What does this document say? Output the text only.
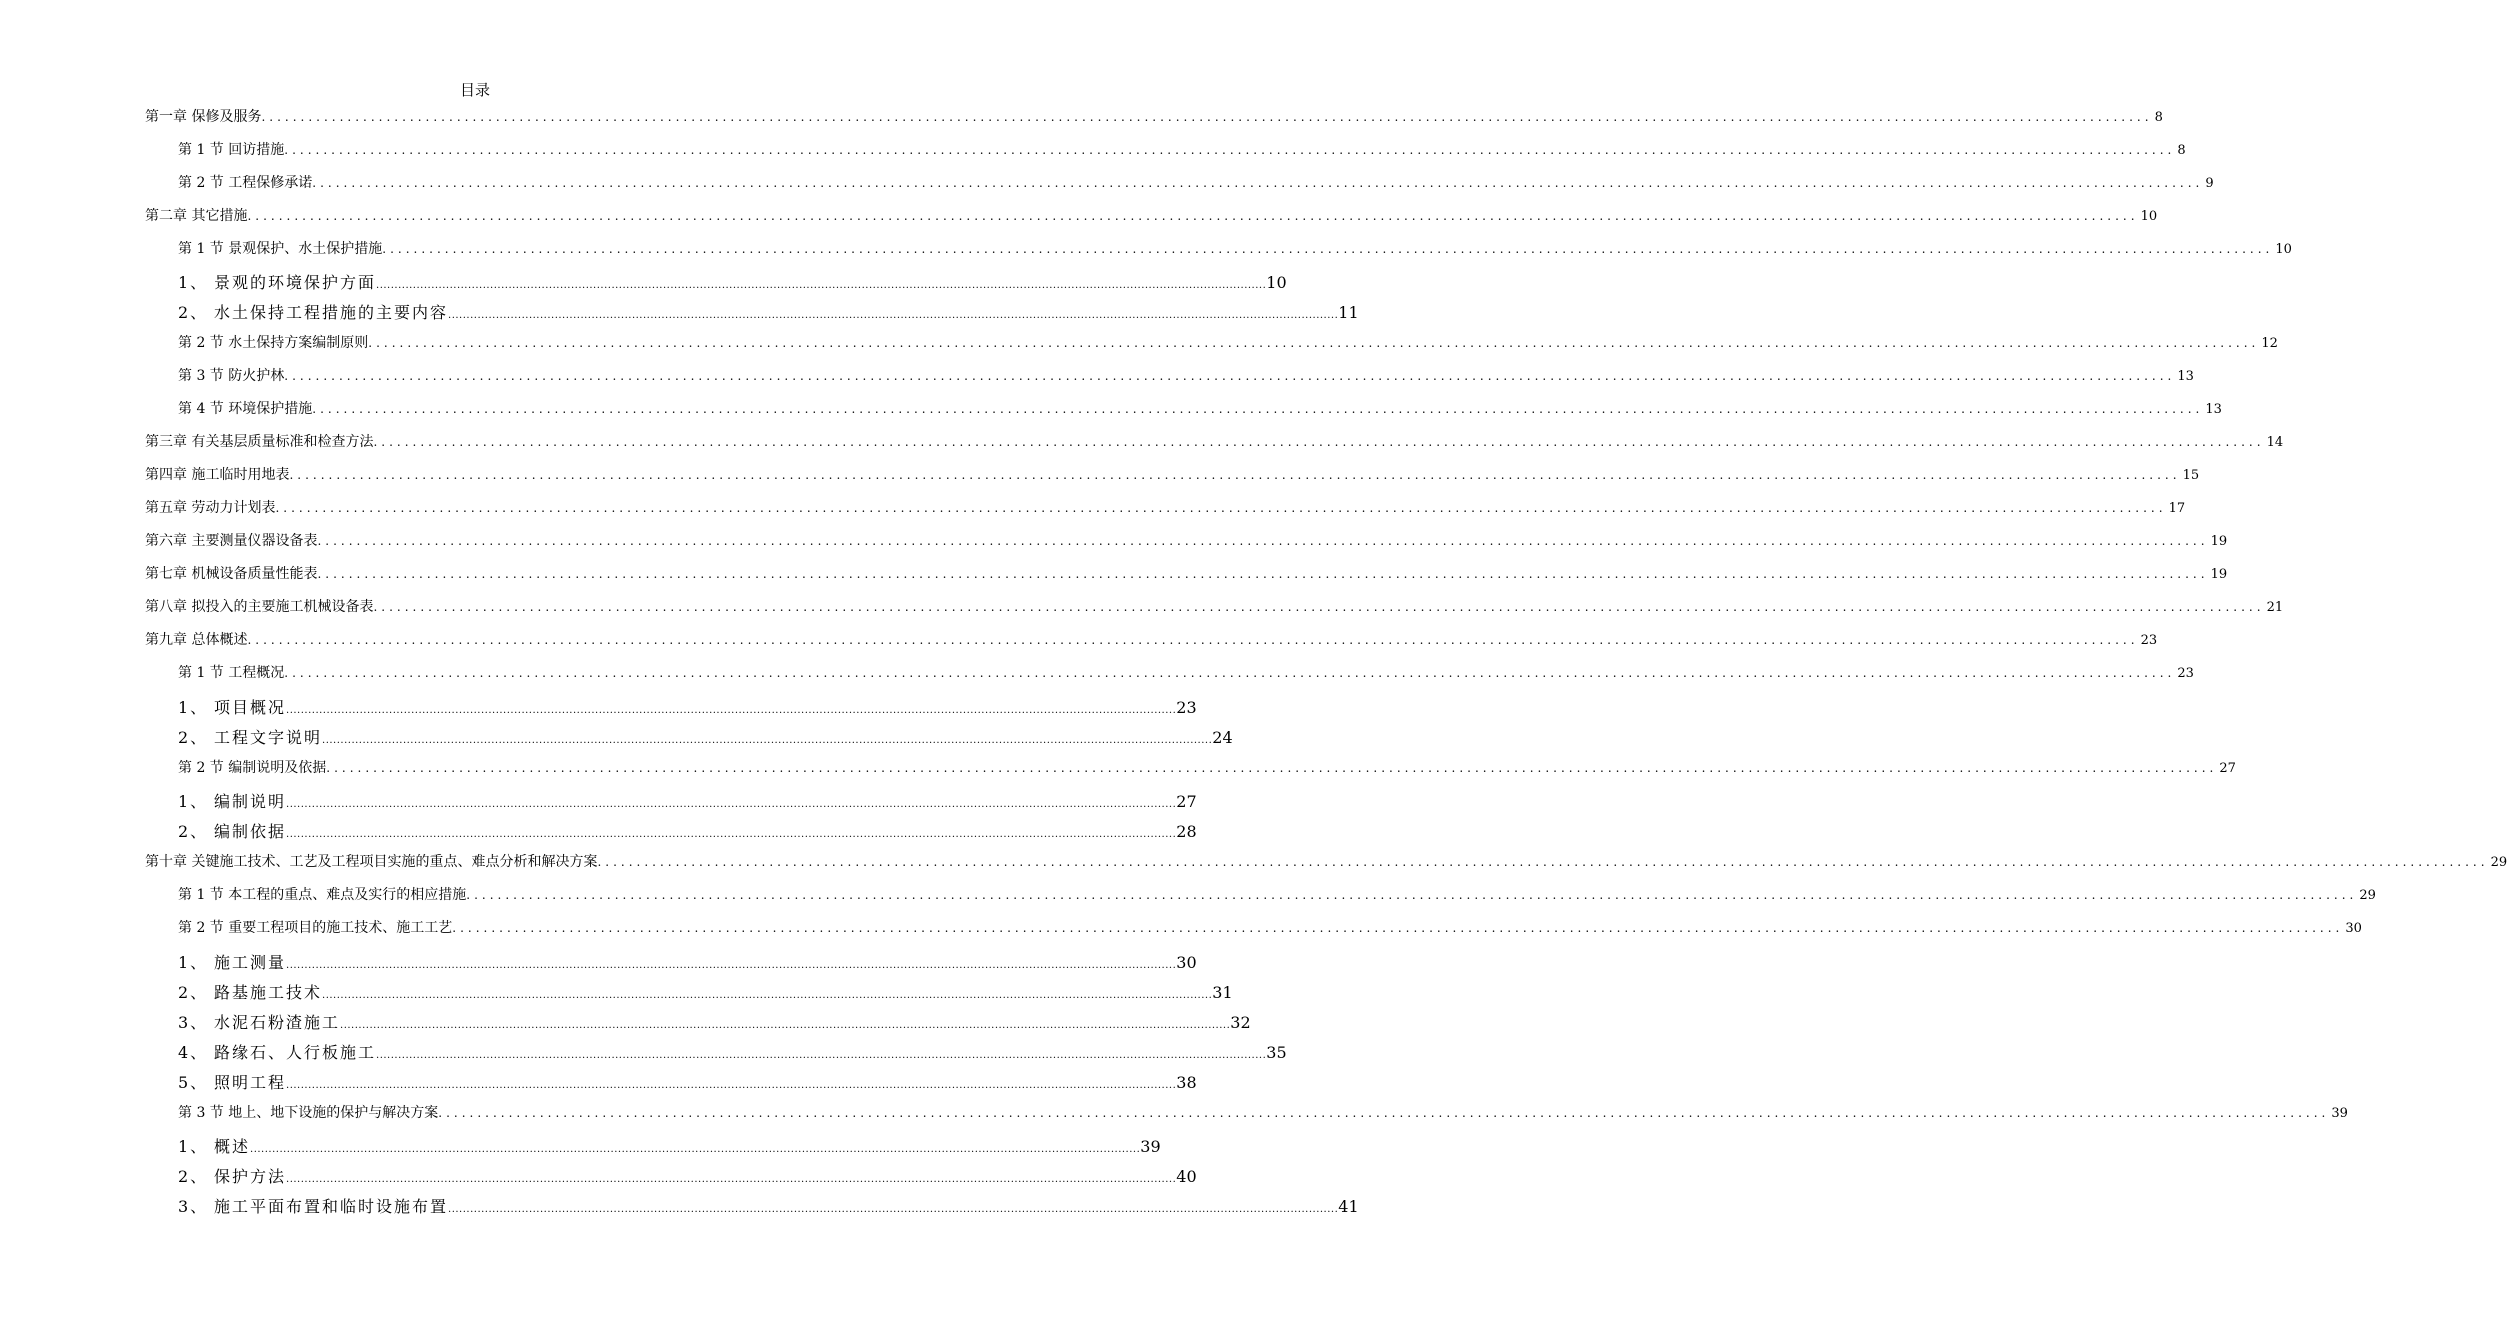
目录
第一章 保修及服务 .................................................................................................................................................................................................................................................. 8
第 1 节 回访措施 .................................................................................................................................................................................................................................................. 8
第 2 节 工程保修承诺 .................................................................................................................................................................................................................................................. 9
第二章 其它措施 .................................................................................................................................................................................................................................................. 10
第 1 节 景观保护、水土保护措施 .................................................................................................................................................................................................................................................. 10
1、 景观的环境保护方面 .................................................................................................................................................................................................................................................. 10
2、 水土保持工程措施的主要内容 .................................................................................................................................................................................................................................................. 11
第 2 节 水土保持方案编制原则 .................................................................................................................................................................................................................................................. 12
第 3 节 防火护林 .................................................................................................................................................................................................................................................. 13
第 4 节 环境保护措施 .................................................................................................................................................................................................................................................. 13
第三章 有关基层质量标准和检查方法 .................................................................................................................................................................................................................................................. 14
第四章 施工临时用地表 .................................................................................................................................................................................................................................................. 15
第五章 劳动力计划表 .................................................................................................................................................................................................................................................. 17
第六章 主要测量仪器设备表 .................................................................................................................................................................................................................................................. 19
第七章 机械设备质量性能表 .................................................................................................................................................................................................................................................. 19
第八章 拟投入的主要施工机械设备表 .................................................................................................................................................................................................................................................. 21
第九章 总体概述 .................................................................................................................................................................................................................................................. 23
第 1 节 工程概况 .................................................................................................................................................................................................................................................. 23
1、 项目概况 .................................................................................................................................................................................................................................................. 23
2、 工程文字说明 .................................................................................................................................................................................................................................................. 24
第 2 节 编制说明及依据 .................................................................................................................................................................................................................................................. 27
1、 编制说明 .................................................................................................................................................................................................................................................. 27
2、 编制依据 .................................................................................................................................................................................................................................................. 28
第十章 关键施工技术、工艺及工程项目实施的重点、难点分析和解决方案 .................................................................................................................................................................................................................................................. 29
第 1 节 本工程的重点、难点及实行的相应措施 .................................................................................................................................................................................................................................................. 29
第 2 节 重要工程项目的施工技术、施工工艺 .................................................................................................................................................................................................................................................. 30
1、 施工测量 .................................................................................................................................................................................................................................................. 30
2、 路基施工技术 .................................................................................................................................................................................................................................................. 31
3、 水泥石粉渣施工 .................................................................................................................................................................................................................................................. 32
4、 路缘石、人行板施工 .................................................................................................................................................................................................................................................. 35
5、 照明工程 .................................................................................................................................................................................................................................................. 38
第 3 节 地上、地下设施的保护与解决方案 .................................................................................................................................................................................................................................................. 39
1、 概述 .................................................................................................................................................................................................................................................. 39
2、 保护方法 .................................................................................................................................................................................................................................................. 40
3、 施工平面布置和临时设施布置 .................................................................................................................................................................................................................................................. 41
